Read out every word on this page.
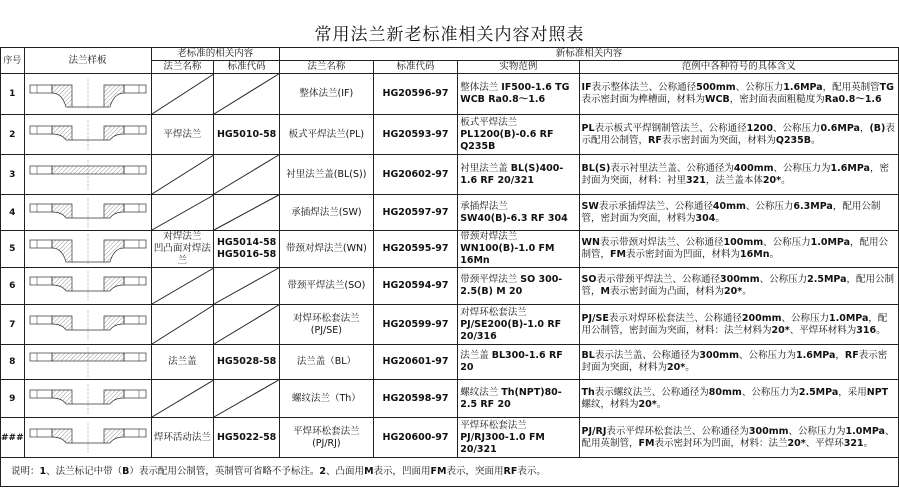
常用法兰新老标准相关内容对照表
序号	法兰样板	老标准的相关内容		新标准相关内容			
		法兰名称	标准代码	法兰名称	标准代码	实物范例	范例中各种符号的具体含义
1				整体法兰(IF)	HG20596-97	整体法兰 IF500-1.6 TG WCB Ra0.8～1.6	IF表示整体法兰、公称通径500mm、公称压力1.6MPa，配用英制管TG表示密封面为榫槽面，材料为WCB，密封面表面粗糙度为Ra0.8～1.6
2		平焊法兰	HG5010-58	板式平焊法兰(PL)	HG20593-97	板式平焊法兰 PL1200(B)-0.6 RF Q235B	PL表示板式平焊钢制管法兰、公称通径1200、公称压力0.6MPa，(B)表示配用公制管，RF表示密封面为突面，材料为Q235B。
3				衬里法兰盖(BL(S))	HG20602-97	衬里法兰盖 BL(S)400-1.6 RF 20/321	BL(S)表示衬里法兰盖、公称通径为400mm、公称压力为1.6MPa，密封面为突面，材料：衬里321，法兰盖本体20*。
4				承插焊法兰(SW)	HG20597-97	承插焊法兰 SW40(B)-6.3 RF 304	SW表示承插焊法兰、公称通径40mm、公称压力6.3MPa，配用公制管，密封面为突面，材料为304。
5		对焊法兰　　　　 凹凸面对焊法兰	HG5014-58 HG5016-58	带颈对焊法兰(WN)	HG20595-97	带颈对焊法兰 WN100(B)-1.0 FM 16Mn	WN表示带颈对焊法兰、公称通径100mm、公称压力1.0MPa，配用公制管，FM表示密封面为凹面，材料为16Mn。
6				带颈平焊法兰(SO)	HG20594-97	带颈平焊法兰 SO 300-2.5(B) M 20	SO表示带颈平焊法兰、公称通径300mm、公称压力2.5MPa，配用公制管，M表示密封面为凸面，材料为20*。
7				对焊环松套法兰(PJ/SE)	HG20599-97	对焊环松套法兰 PJ/SE200(B)-1.0 RF 20/316	PJ/SE表示对焊环松套法兰、公称通径200mm、公称压力1.0MPa，配用公制管，密封面为突面，材料：法兰材料为20*、平焊环材料为316。
8		法兰盖	HG5028-58	法兰盖（BL）	HG20601-97	法兰盖 BL300-1.6 RF 20	BL表示法兰盖、公称通径为300mm、公称压力为1.6MPa，RF表示密封面为突面，材料为20*。
9				螺纹法兰（Th）	HG20598-97	螺纹法兰 Th(NPT)80-2.5 RF 20	Th表示螺纹法兰、公称通径为80mm、公称压力为2.5MPa，采用NPT螺纹，材料为20*。
###		焊环活动法兰	HG5022-58	平焊环松套法兰(PJ/RJ)	HG20600-97	平焊环松套法兰 PJ/RJ300-1.0 FM 20/321	PJ/RJ表示平焊环松套法兰、公称通径为300mm、公称压力为1.0MPa、配用英制管，FM表示密封环为凹面，材料：法兰20*、平焊环321。
说明：1、法兰标记中带（B）表示配用公制管，英制管可省略不予标注。2、凸面用M表示，凹面用FM表示，突面用RF表示。							
